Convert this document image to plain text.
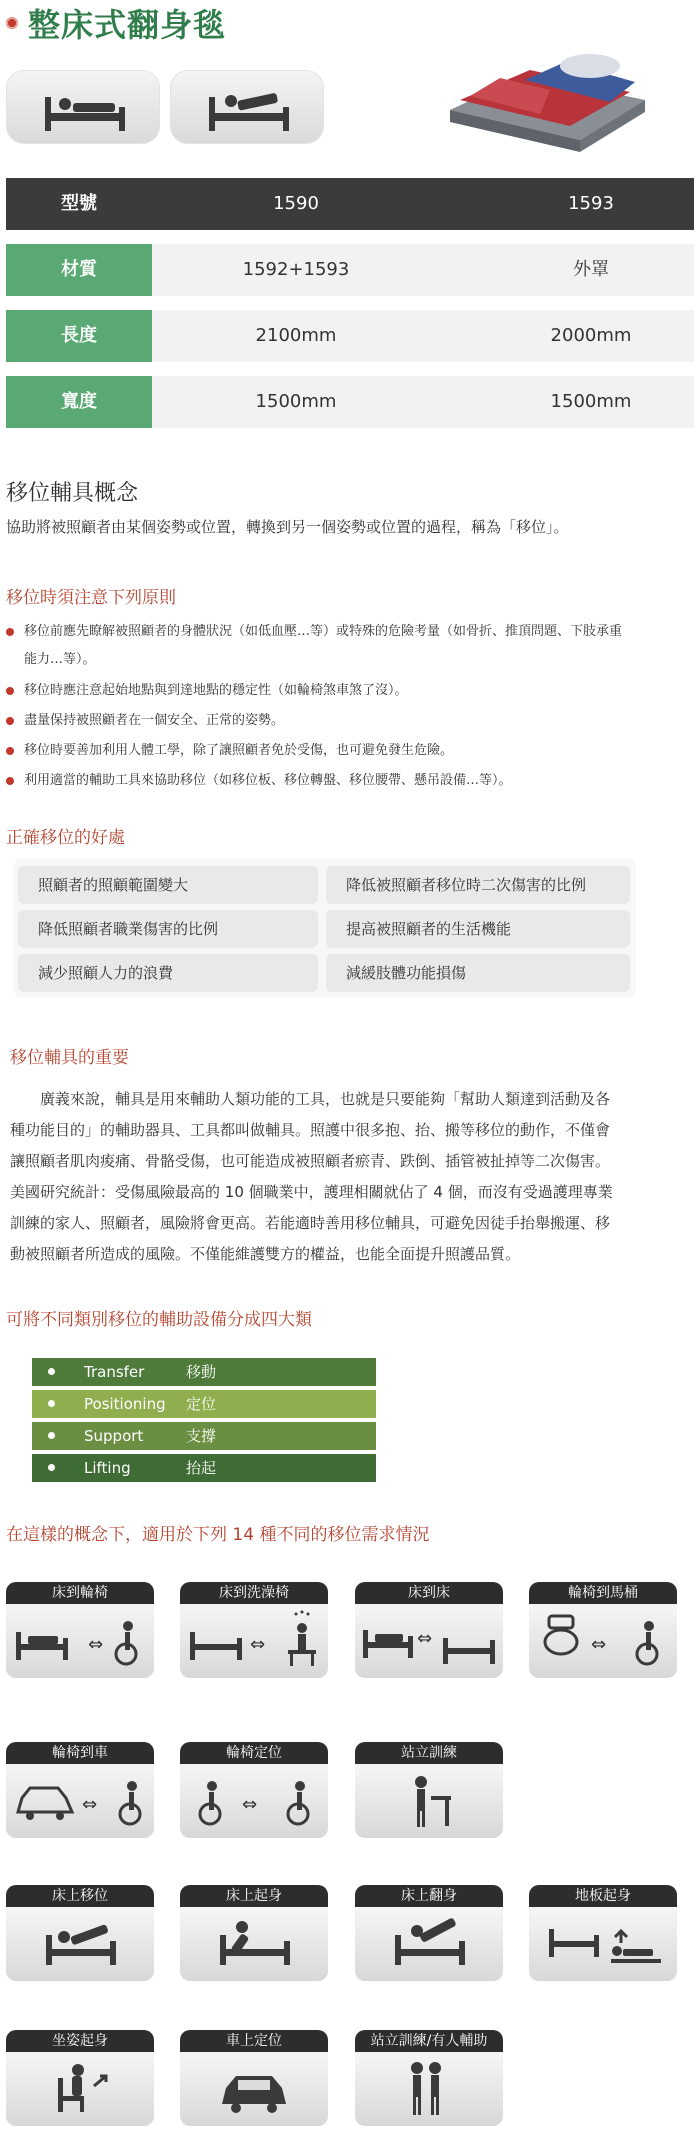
整床式翻身毯
型號	1590	1593
材質	1592+1593	外罩
長度	2100mm	2000mm
寬度	1500mm	1500mm
移位輔具概念
協助將被照顧者由某個姿勢或位置，轉換到另一個姿勢或位置的過程，稱為「移位」。
移位時須注意下列原則
移位前應先瞭解被照顧者的身體狀況（如低血壓…等）或特殊的危險考量（如骨折、推頂問題、下肢承重
能力…等）。
移位時應注意起始地點與到達地點的穩定性（如輪椅煞車煞了沒）。
盡量保持被照顧者在一個安全、正常的姿勢。
移位時要善加利用人體工學，除了讓照顧者免於受傷，也可避免發生危險。
利用適當的輔助工具來協助移位（如移位板、移位轉盤、移位腰帶、懸吊設備…等）。
正確移位的好處
照顧者的照顧範圍變大	降低被照顧者移位時二次傷害的比例
降低照顧者職業傷害的比例	提高被照顧者的生活機能
減少照顧人力的浪費	減緩肢體功能損傷
移位輔具的重要
　　廣義來說，輔具是用來輔助人類功能的工具，也就是只要能夠「幫助人類達到活動及各
種功能目的」的輔助器具、工具都叫做輔具。照護中很多抱、抬、搬等移位的動作，不僅會
讓照顧者肌肉痠痛、骨骼受傷，也可能造成被照顧者瘀青、跌倒、插管被扯掉等二次傷害。
美國研究統計：受傷風險最高的 10 個職業中，護理相關就佔了 4 個，而沒有受過護理專業
訓練的家人、照顧者，風險將會更高。若能適時善用移位輔具，可避免因徒手抬舉搬運、移
動被照顧者所造成的風險。不僅能維護雙方的權益，也能全面提升照護品質。
可將不同類別移位的輔助設備分成四大類
Transfer	移動
Positioning 定位
Support	支撐
Lifting	抬起
在這樣的概念下，適用於下列 14 種不同的移位需求情況
床到輪椅
⇔
床到洗澡椅
⇔
床到床
⇔
輪椅到馬桶
⇔
輪椅到車
⇔
輪椅定位
⇔
站立訓練
床上移位	床上起身	床上翻身	地板起身
坐姿起身	車上定位	站立訓練/有人輔助
